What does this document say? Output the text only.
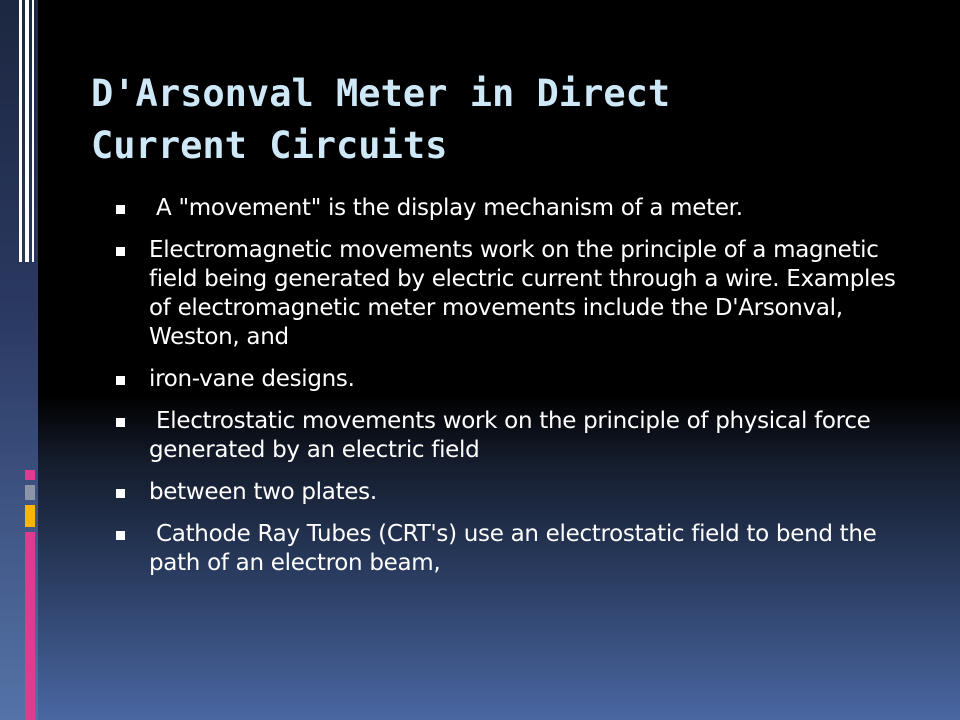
D'Arsonval Meter in Direct
Current Circuits
A "movement" is the display mechanism of a meter.
Electromagnetic movements work on the principle of a magnetic field being generated by electric current through a wire. Examples of electromagnetic meter movements include the D'Arsonval, Weston, and
iron-vane designs.
Electrostatic movements work on the principle of physical force generated by an electric field
between two plates.
Cathode Ray Tubes (CRT's) use an electrostatic field to bend the path of an electron beam,
